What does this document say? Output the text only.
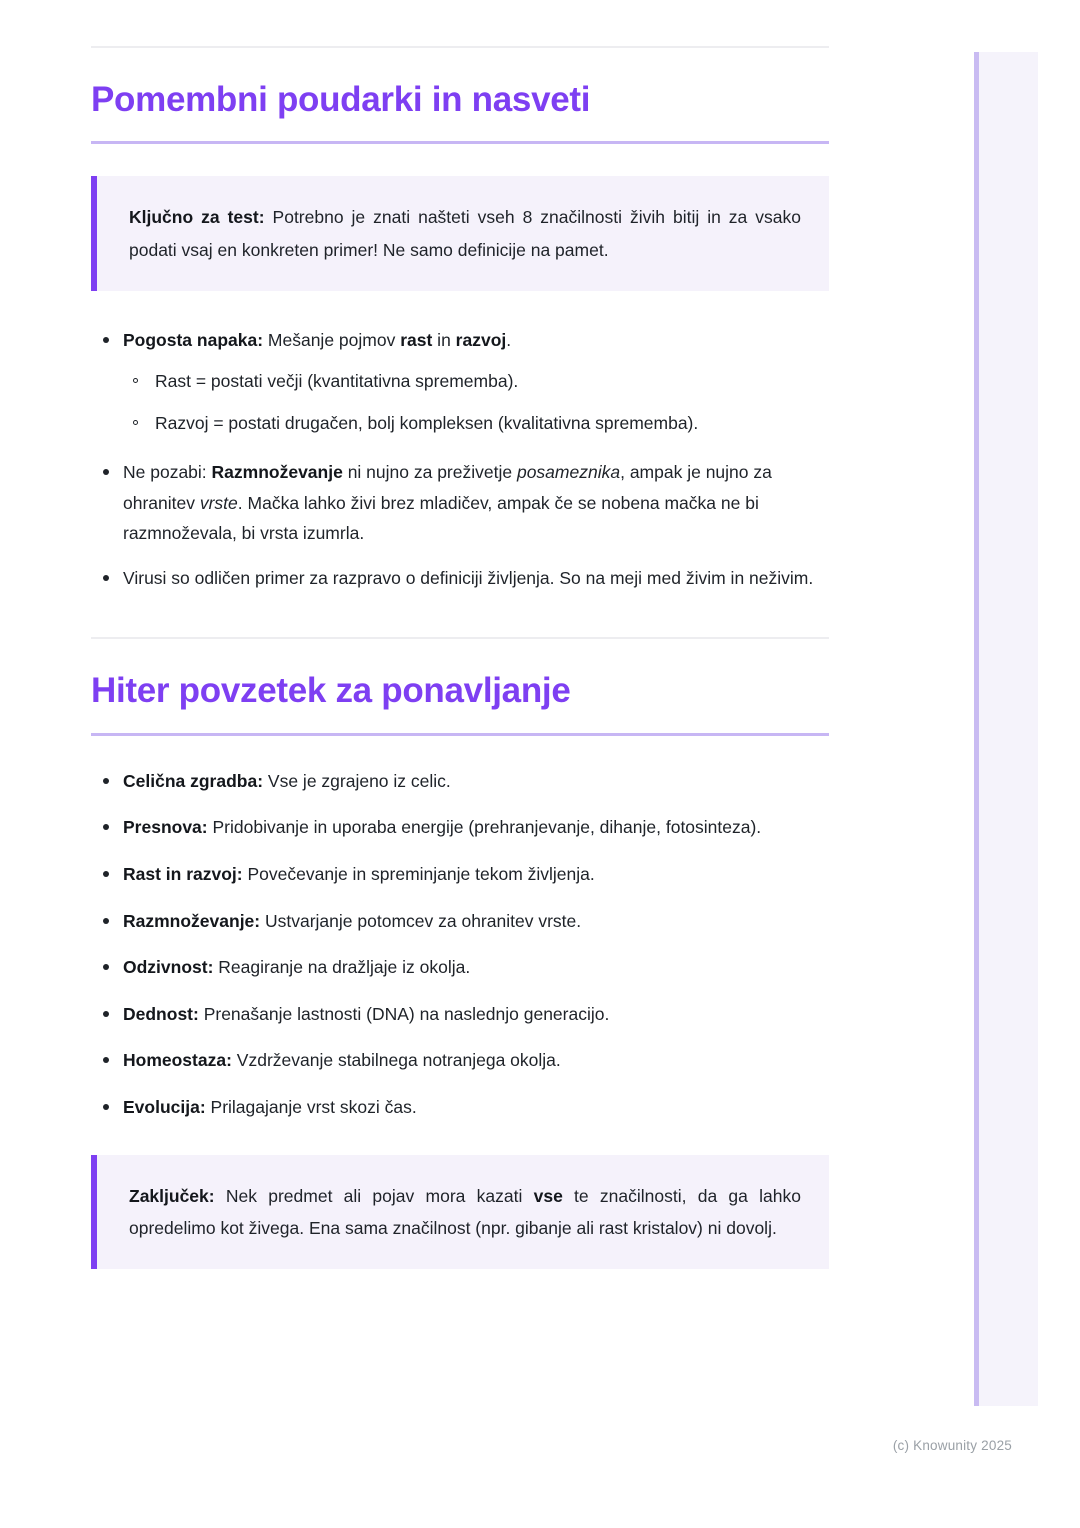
Pomembni poudarki in nasveti

Ključno za test: Potrebno je znati našteti vseh 8 značilnosti živih bitij in za vsako podati vsaj en konkreten primer! Ne samo definicije na pamet.

Pogosta napaka: Mešanje pojmov rast in razvoj.
Rast = postati večji (kvantitativna sprememba).
Razvoj = postati drugačen, bolj kompleksen (kvalitativna sprememba).
Ne pozabi: Razmnoževanje ni nujno za preživetje posameznika, ampak je nujno za ohranitev vrste. Mačka lahko živi brez mladičev, ampak če se nobena mačka ne bi razmnoževala, bi vrsta izumrla.
Virusi so odličen primer za razpravo o definiciji življenja. So na meji med živim in neživim.
Hiter povzetek za ponavljanje
Celična zgradba: Vse je zgrajeno iz celic.
Presnova: Pridobivanje in uporaba energije (prehranjevanje, dihanje, fotosinteza).
Rast in razvoj: Povečevanje in spreminjanje tekom življenja.
Razmnoževanje: Ustvarjanje potomcev za ohranitev vrste.
Odzivnost: Reagiranje na dražljaje iz okolja.
Dednost: Prenašanje lastnosti (DNA) na naslednjo generacijo.
Homeostaza: Vzdrževanje stabilnega notranjega okolja.
Evolucija: Prilagajanje vrst skozi čas.

Zaključek: Nek predmet ali pojav mora kazati vse te značilnosti, da ga lahko opredelimo kot živega. Ena sama značilnost (npr. gibanje ali rast kristalov) ni dovolj.

(c) Knowunity 2025
